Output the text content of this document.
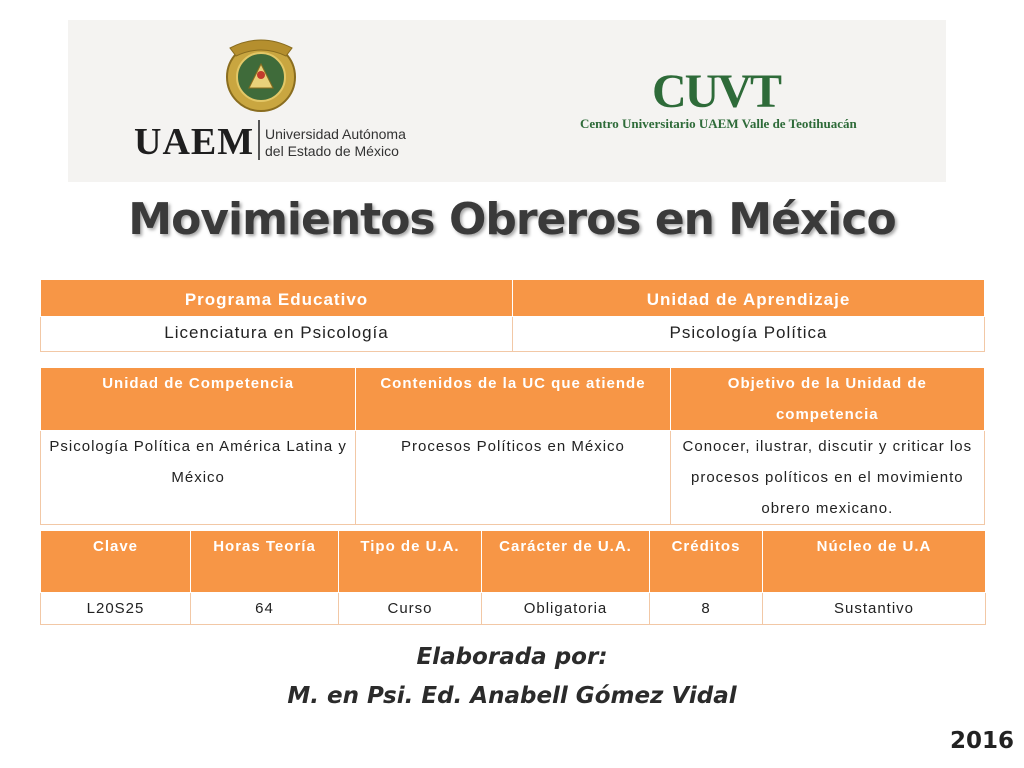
UAEM Universidad Autónoma
del Estado de México
CUVT
Centro Universitario UAEM Valle de Teotihuacán
Movimientos Obreros en México
Programa Educativo	Unidad de Aprendizaje
Licenciatura en Psicología	Psicología Política
Unidad de Competencia	Contenidos de la UC que atiende	Objetivo de la Unidad de competencia
Psicología Política en América Latina y México	Procesos Políticos en México	Conocer, ilustrar, discutir y criticar los procesos políticos en el movimiento obrero mexicano.
Clave	Horas Teoría	Tipo de U.A.	Carácter de U.A.	Créditos	Núcleo de U.A
L20S25	64	Curso	Obligatoria	8	Sustantivo
Elaborada por:
M. en Psi. Ed. Anabell Gómez Vidal
2016
